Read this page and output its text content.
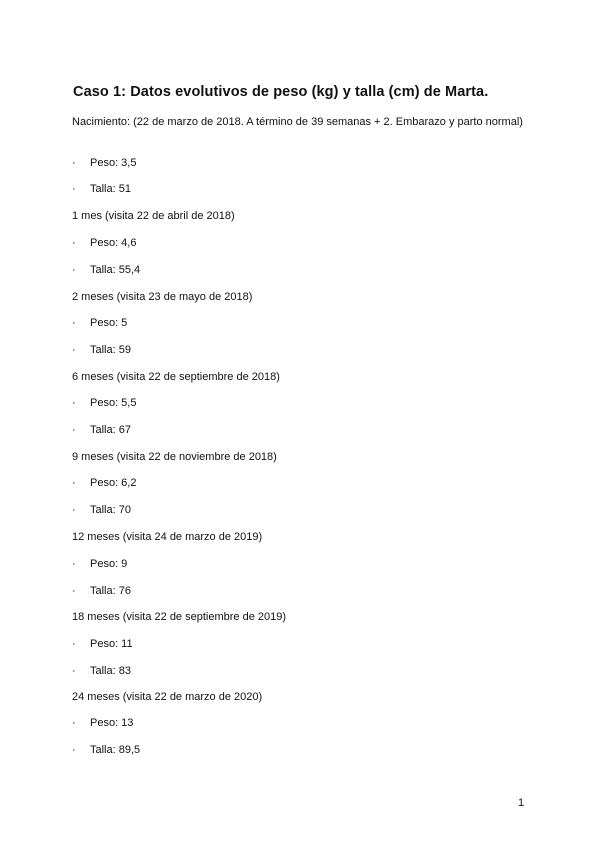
Caso 1: Datos evolutivos de peso (kg) y talla (cm) de Marta.
Nacimiento: (22 de marzo de 2018. A término de 39 semanas + 2. Embarazo y parto normal)
· Peso: 3,5
· Talla: 51
1 mes (visita 22 de abril de 2018)
· Peso: 4,6
· Talla: 55,4
2 meses (visita 23 de mayo de 2018)
· Peso: 5
· Talla: 59
6 meses (visita 22 de septiembre de 2018)
· Peso: 5,5
· Talla: 67
9 meses (visita 22 de noviembre de 2018)
· Peso: 6,2
· Talla: 70
12 meses (visita 24 de marzo de 2019)
· Peso: 9
· Talla: 76
18 meses (visita 22 de septiembre de 2019)
· Peso: 11
· Talla: 83
24 meses (visita 22 de marzo de 2020)
· Peso: 13
· Talla: 89,5
1
